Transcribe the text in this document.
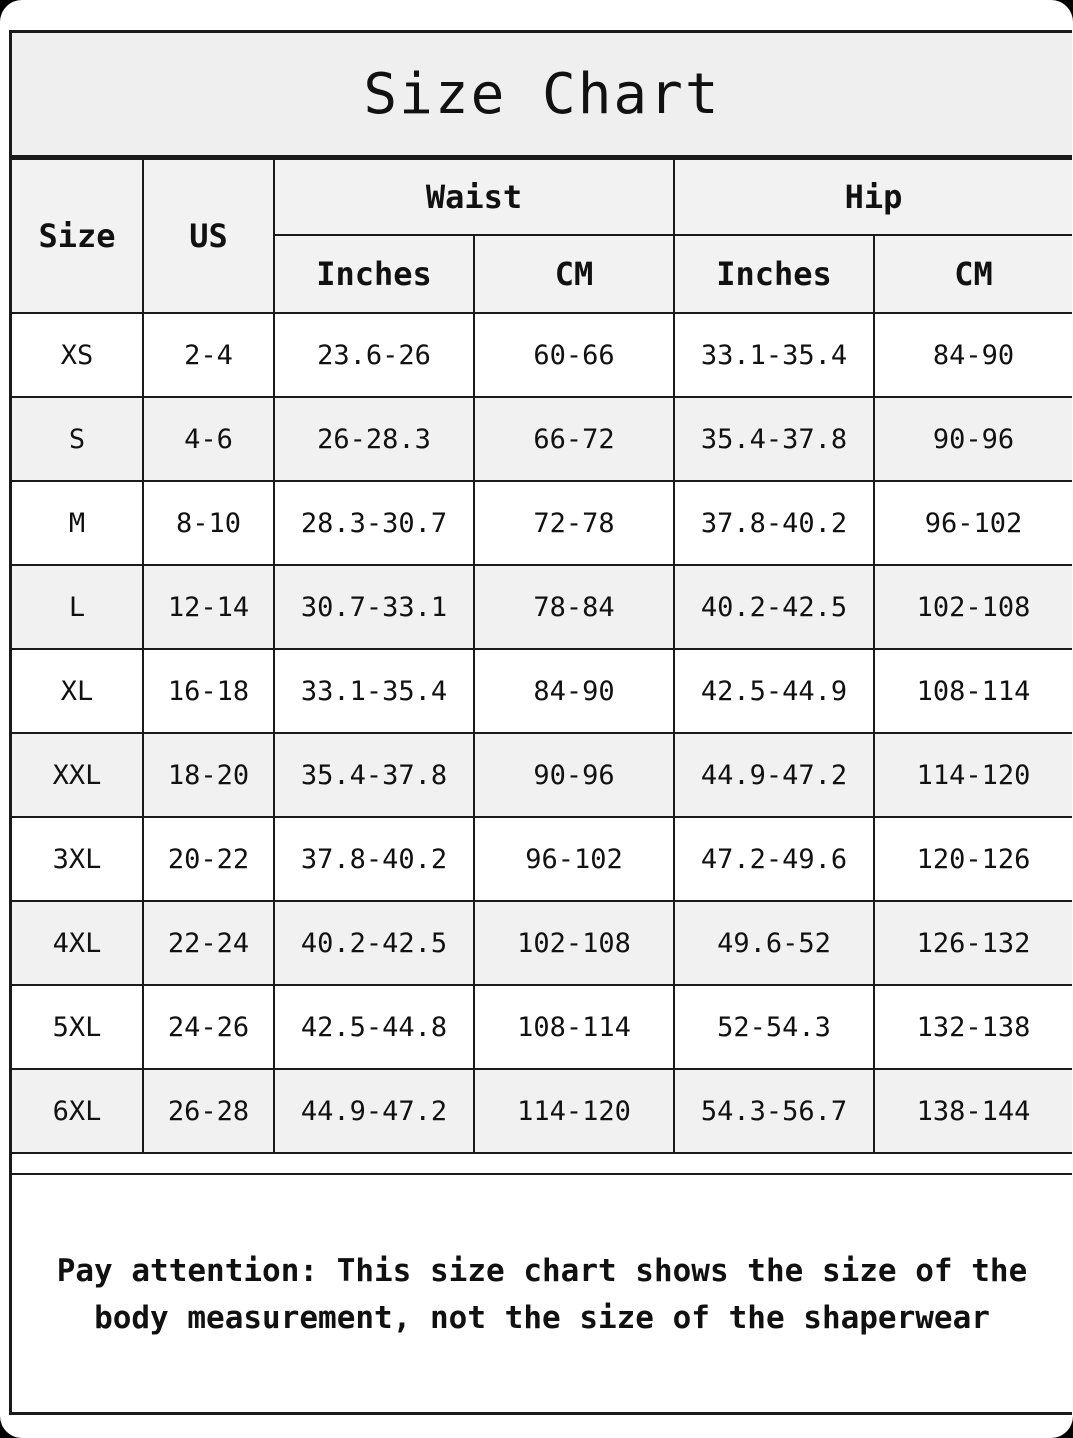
Size Chart
Size	US	Waist		Hip	
		Inches	CM	Inches	CM
XS	2-4	23.6-26	60-66	33.1-35.4	84-90
S	4-6	26-28.3	66-72	35.4-37.8	90-96
M	8-10	28.3-30.7	72-78	37.8-40.2	96-102
L	12-14	30.7-33.1	78-84	40.2-42.5	102-108
XL	16-18	33.1-35.4	84-90	42.5-44.9	108-114
XXL	18-20	35.4-37.8	90-96	44.9-47.2	114-120
3XL	20-22	37.8-40.2	96-102	47.2-49.6	120-126
4XL	22-24	40.2-42.5	102-108	49.6-52	126-132
5XL	24-26	42.5-44.8	108-114	52-54.3	132-138
6XL	26-28	44.9-47.2	114-120	54.3-56.7	138-144

Pay attention: This size chart shows the size of the body measurement, not the size of the shaperwear
